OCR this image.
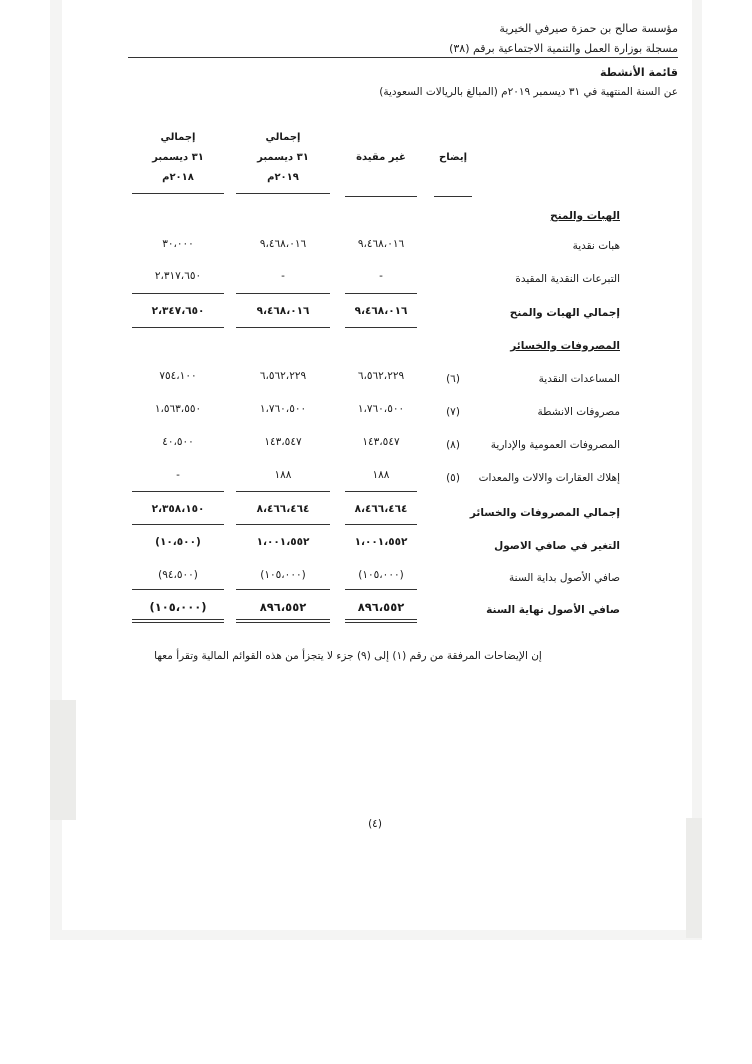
مؤسسة صالح بن حمزة صيرفي الخيرية
مسجلة بوزارة العمل والتنمية الاجتماعية برقم (٣٨)
قائمة الأنشطة
عن السنة المنتهية في ٣١ ديسمبر ٢٠١٩م (المبالغ بالريالات السعودية)
إجمالي
٣١ ديسمبر
٢٠١٨م
إجمالي
٣١ ديسمبر
٢٠١٩م
غير مقيدة	إيضاح
الهبات والمنح
هبات نقدية
٩،٤٦٨،٠١٦
٩،٤٦٨،٠١٦
٣٠،٠٠٠
التبرعات النقدية المقيدة
-
-
٢،٣١٧،٦٥٠
إجمالي الهبات والمنح
٩،٤٦٨،٠١٦
٩،٤٦٨،٠١٦
٢،٣٤٧،٦٥٠
المصروفات والخسائر
المساعدات النقدية
(٦)
٦،٥٦٢،٢٢٩
٦،٥٦٢،٢٢٩
٧٥٤،١٠٠
مصروفات الانشطة
(٧)
١،٧٦٠،٥٠٠
١،٧٦٠،٥٠٠
١،٥٦٣،٥٥٠
المصروفات العمومية والإدارية
(٨)
١٤٣،٥٤٧
١٤٣،٥٤٧
٤٠،٥٠٠
إهلاك العقارات والالات والمعدات
(٥)
١٨٨
١٨٨
-
إجمالي المصروفات والخسائر
٨،٤٦٦،٤٦٤
٨،٤٦٦،٤٦٤
٢،٣٥٨،١٥٠
التغير في صافي الاصول
١،٠٠١،٥٥٢
١،٠٠١،٥٥٢
(١٠،٥٠٠)
صافي الأصول بداية السنة
(١٠٥،٠٠٠)
(١٠٥،٠٠٠)
(٩٤،٥٠٠)
صافي الأصول نهاية السنة
٨٩٦،٥٥٢
٨٩٦،٥٥٢
(١٠٥،٠٠٠)
إن الإيضاحات المرفقة من رقم (١) إلى (٩) جزء لا يتجزأ من هذه القوائم المالية وتقرأ معها
(٤)
